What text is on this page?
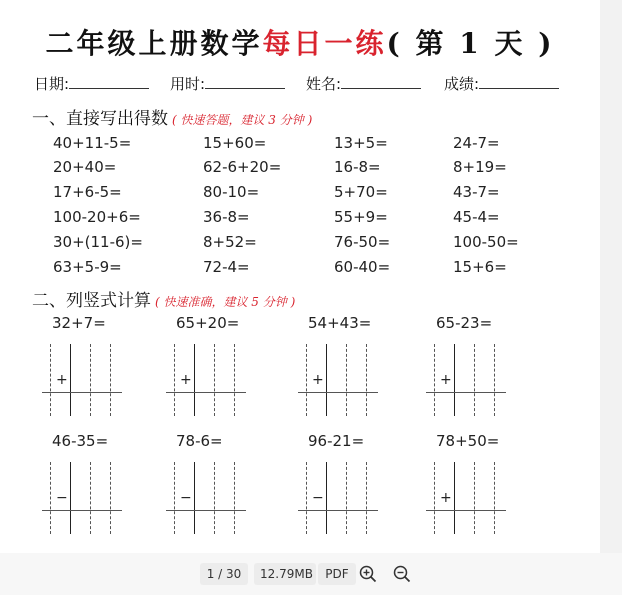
二年级上册数学每日一练( 第 1 天 )
日期:	用时:	姓名:	成绩:
一、直接写出得数 ( 快速答题，建议 3 分钟 )
40+11-5=	15+60=	13+5=	24-7=
20+40=	62-6+20=	16-8=	8+19=
17+6-5=	80-10=	5+70=	43-7=
100-20+6=	36-8=	55+9=	45-4=
30+(11-6)=	8+52=	76-50=	100-50=
63+5-9=	72-4=	60-40=	15+6=
二、列竖式计算 ( 快速准确，建议 5 分钟 )
32+7=
+
65+20=
+
54+43=
+
65-23=
+
46-35=
−
78-6=
−
96-21=
−
78+50=
+
1 / 30	12.79MB	PDF
